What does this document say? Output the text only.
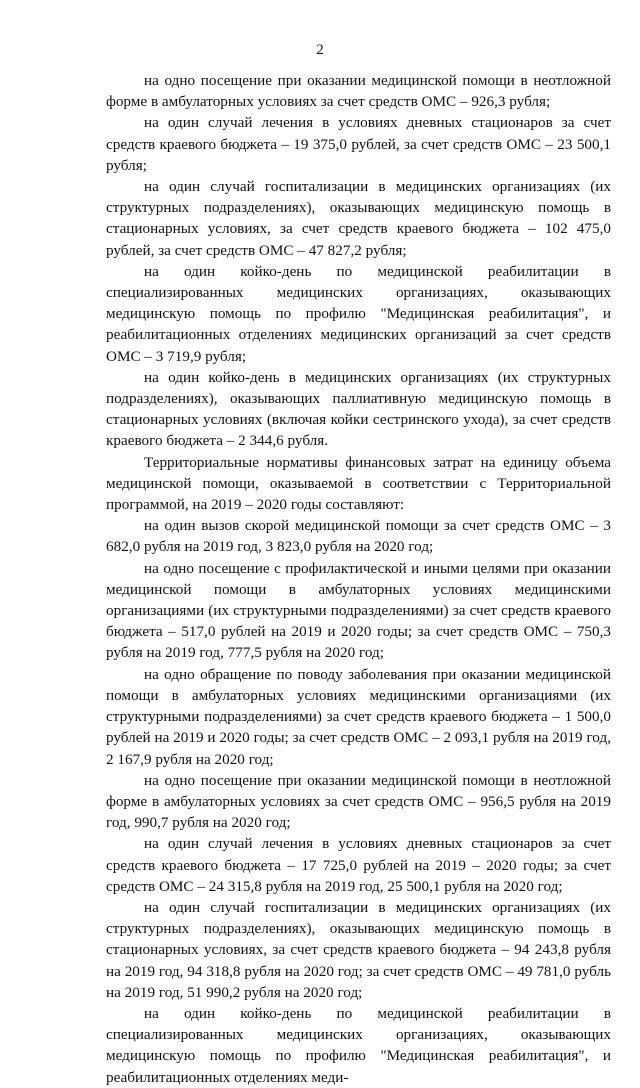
2

на одно посещение при оказании медицинской помощи в неотложной форме в амбулаторных условиях за счет средств ОМС – 926,3 рубля;

на один случай лечения в условиях дневных стационаров за счет средств краевого бюджета – 19 375,0 рублей, за счет средств ОМС – 23 500,1 рубля;

на один случай госпитализации в медицинских организациях (их структурных подразделениях), оказывающих медицинскую помощь в стационарных условиях, за счет средств краевого бюджета – 102 475,0 рублей, за счет средств ОМС – 47 827,2 рубля;

на один койко-день по медицинской реабилитации в специализированных медицинских организациях, оказывающих медицинскую помощь по профилю "Медицинская реабилитация", и реабилитационных отделениях медицинских организаций за счет средств ОМС – 3 719,9 рубля;

на один койко-день в медицинских организациях (их структурных подразделениях), оказывающих паллиативную медицинскую помощь в стационарных условиях (включая койки сестринского ухода), за счет средств краевого бюджета – 2 344,6 рубля.

Территориальные нормативы финансовых затрат на единицу объема медицинской помощи, оказываемой в соответствии с Территориальной программой, на 2019 – 2020 годы составляют:

на один вызов скорой медицинской помощи за счет средств ОМС – 3 682,0 рубля на 2019 год, 3 823,0 рубля на 2020 год;

на одно посещение с профилактической и иными целями при оказании медицинской помощи в амбулаторных условиях медицинскими организациями (их структурными подразделениями) за счет средств краевого бюджета – 517,0 рублей на 2019 и 2020 годы; за счет средств ОМС – 750,3 рубля на 2019 год, 777,5 рубля на 2020 год;

на одно обращение по поводу заболевания при оказании медицинской помощи в амбулаторных условиях медицинскими организациями (их структурными подразделениями) за счет средств краевого бюджета – 1 500,0 рублей на 2019 и 2020 годы; за счет средств ОМС – 2 093,1 рубля на 2019 год, 2 167,9 рубля на 2020 год;

на одно посещение при оказании медицинской помощи в неотложной форме в амбулаторных условиях за счет средств ОМС – 956,5 рубля на 2019 год, 990,7 рубля на 2020 год;

на один случай лечения в условиях дневных стационаров за счет средств краевого бюджета – 17 725,0 рублей на 2019 – 2020 годы; за счет средств ОМС – 24 315,8 рубля на 2019 год, 25 500,1 рубля на 2020 год;

на один случай госпитализации в медицинских организациях (их структурных подразделениях), оказывающих медицинскую помощь в стационарных условиях, за счет средств краевого бюджета – 94 243,8 рубля на 2019 год, 94 318,8 рубля на 2020 год; за счет средств ОМС – 49 781,0 рубль на 2019 год, 51 990,2 рубля на 2020 год;

на один койко-день по медицинской реабилитации в специализированных медицинских организациях, оказывающих медицинскую помощь по профилю "Медицинская реабилитация", и реабилитационных отделениях меди-
